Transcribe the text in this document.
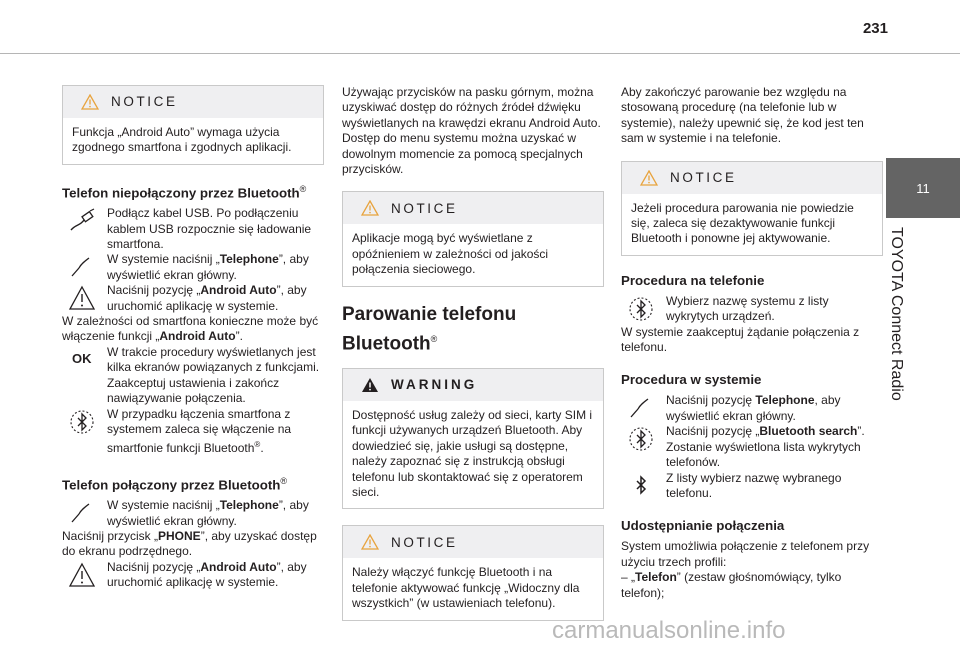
231
11
TOYOTA Connect Radio
NOTICE
Funkcja „Android Auto” wymaga użycia zgodnego smartfona i zgodnych aplikacji.
Telefon niepołączony przez Bluetooth®
Podłącz kabel USB. Po podłączeniu kablem USB rozpocznie się ładowanie smartfona.
W systemie naciśnij „Telephone”, aby wyświetlić ekran główny.
Naciśnij pozycję „Android Auto”, aby uruchomić aplikację w systemie.
W zależności od smartfona konieczne może być włączenie funkcji „Android Auto”.
OK W trakcie procedury wyświetlanych jest kilka ekranów powiązanych z funkcjami. Zaakceptuj ustawienia i zakończ nawiązywanie połączenia.
W przypadku łączenia smartfona z systemem zaleca się włączenie na smartfonie funkcji Bluetooth®.
Telefon połączony przez Bluetooth®
W systemie naciśnij „Telephone”, aby wyświetlić ekran główny.
Naciśnij przycisk „PHONE”, aby uzyskać dostęp do ekranu podrzędnego.
Naciśnij pozycję „Android Auto”, aby uruchomić aplikację w systemie.
Używając przycisków na pasku górnym, można uzyskiwać dostęp do różnych źródeł dźwięku wyświetlanych na krawędzi ekranu Android Auto. Dostęp do menu systemu można uzyskać w dowolnym momencie za pomocą specjalnych przycisków.
NOTICE
Aplikacje mogą być wyświetlane z opóźnieniem w zależności od jakości połączenia sieciowego.
Parowanie telefonu Bluetooth®
WARNING
Dostępność usług zależy od sieci, karty SIM i funkcji używanych urządzeń Bluetooth. Aby dowiedzieć się, jakie usługi są dostępne, należy zapoznać się z instrukcją obsługi telefonu lub skontaktować się z operatorem sieci.
NOTICE
Należy włączyć funkcję Bluetooth i na telefonie aktywować funkcję „Widoczny dla wszystkich” (w ustawieniach telefonu).
Aby zakończyć parowanie bez względu na stosowaną procedurę (na telefonie lub w systemie), należy upewnić się, że kod jest ten sam w systemie i na telefonie.
NOTICE
Jeżeli procedura parowania nie powiedzie się, zaleca się dezaktywowanie funkcji Bluetooth i ponowne jej aktywowanie.
Procedura na telefonie
Wybierz nazwę systemu z listy wykrytych urządzeń.
W systemie zaakceptuj żądanie połączenia z telefonu.
Procedura w systemie
Naciśnij pozycję Telephone, aby wyświetlić ekran główny.
Naciśnij pozycję „Bluetooth search”. Zostanie wyświetlona lista wykrytych telefonów.
Z listy wybierz nazwę wybranego telefonu.
Udostępnianie połączenia
System umożliwia połączenie z telefonem przy użyciu trzech profili:
– „Telefon” (zestaw głośnomówiący, tylko telefon);
carmanualsonline.info
